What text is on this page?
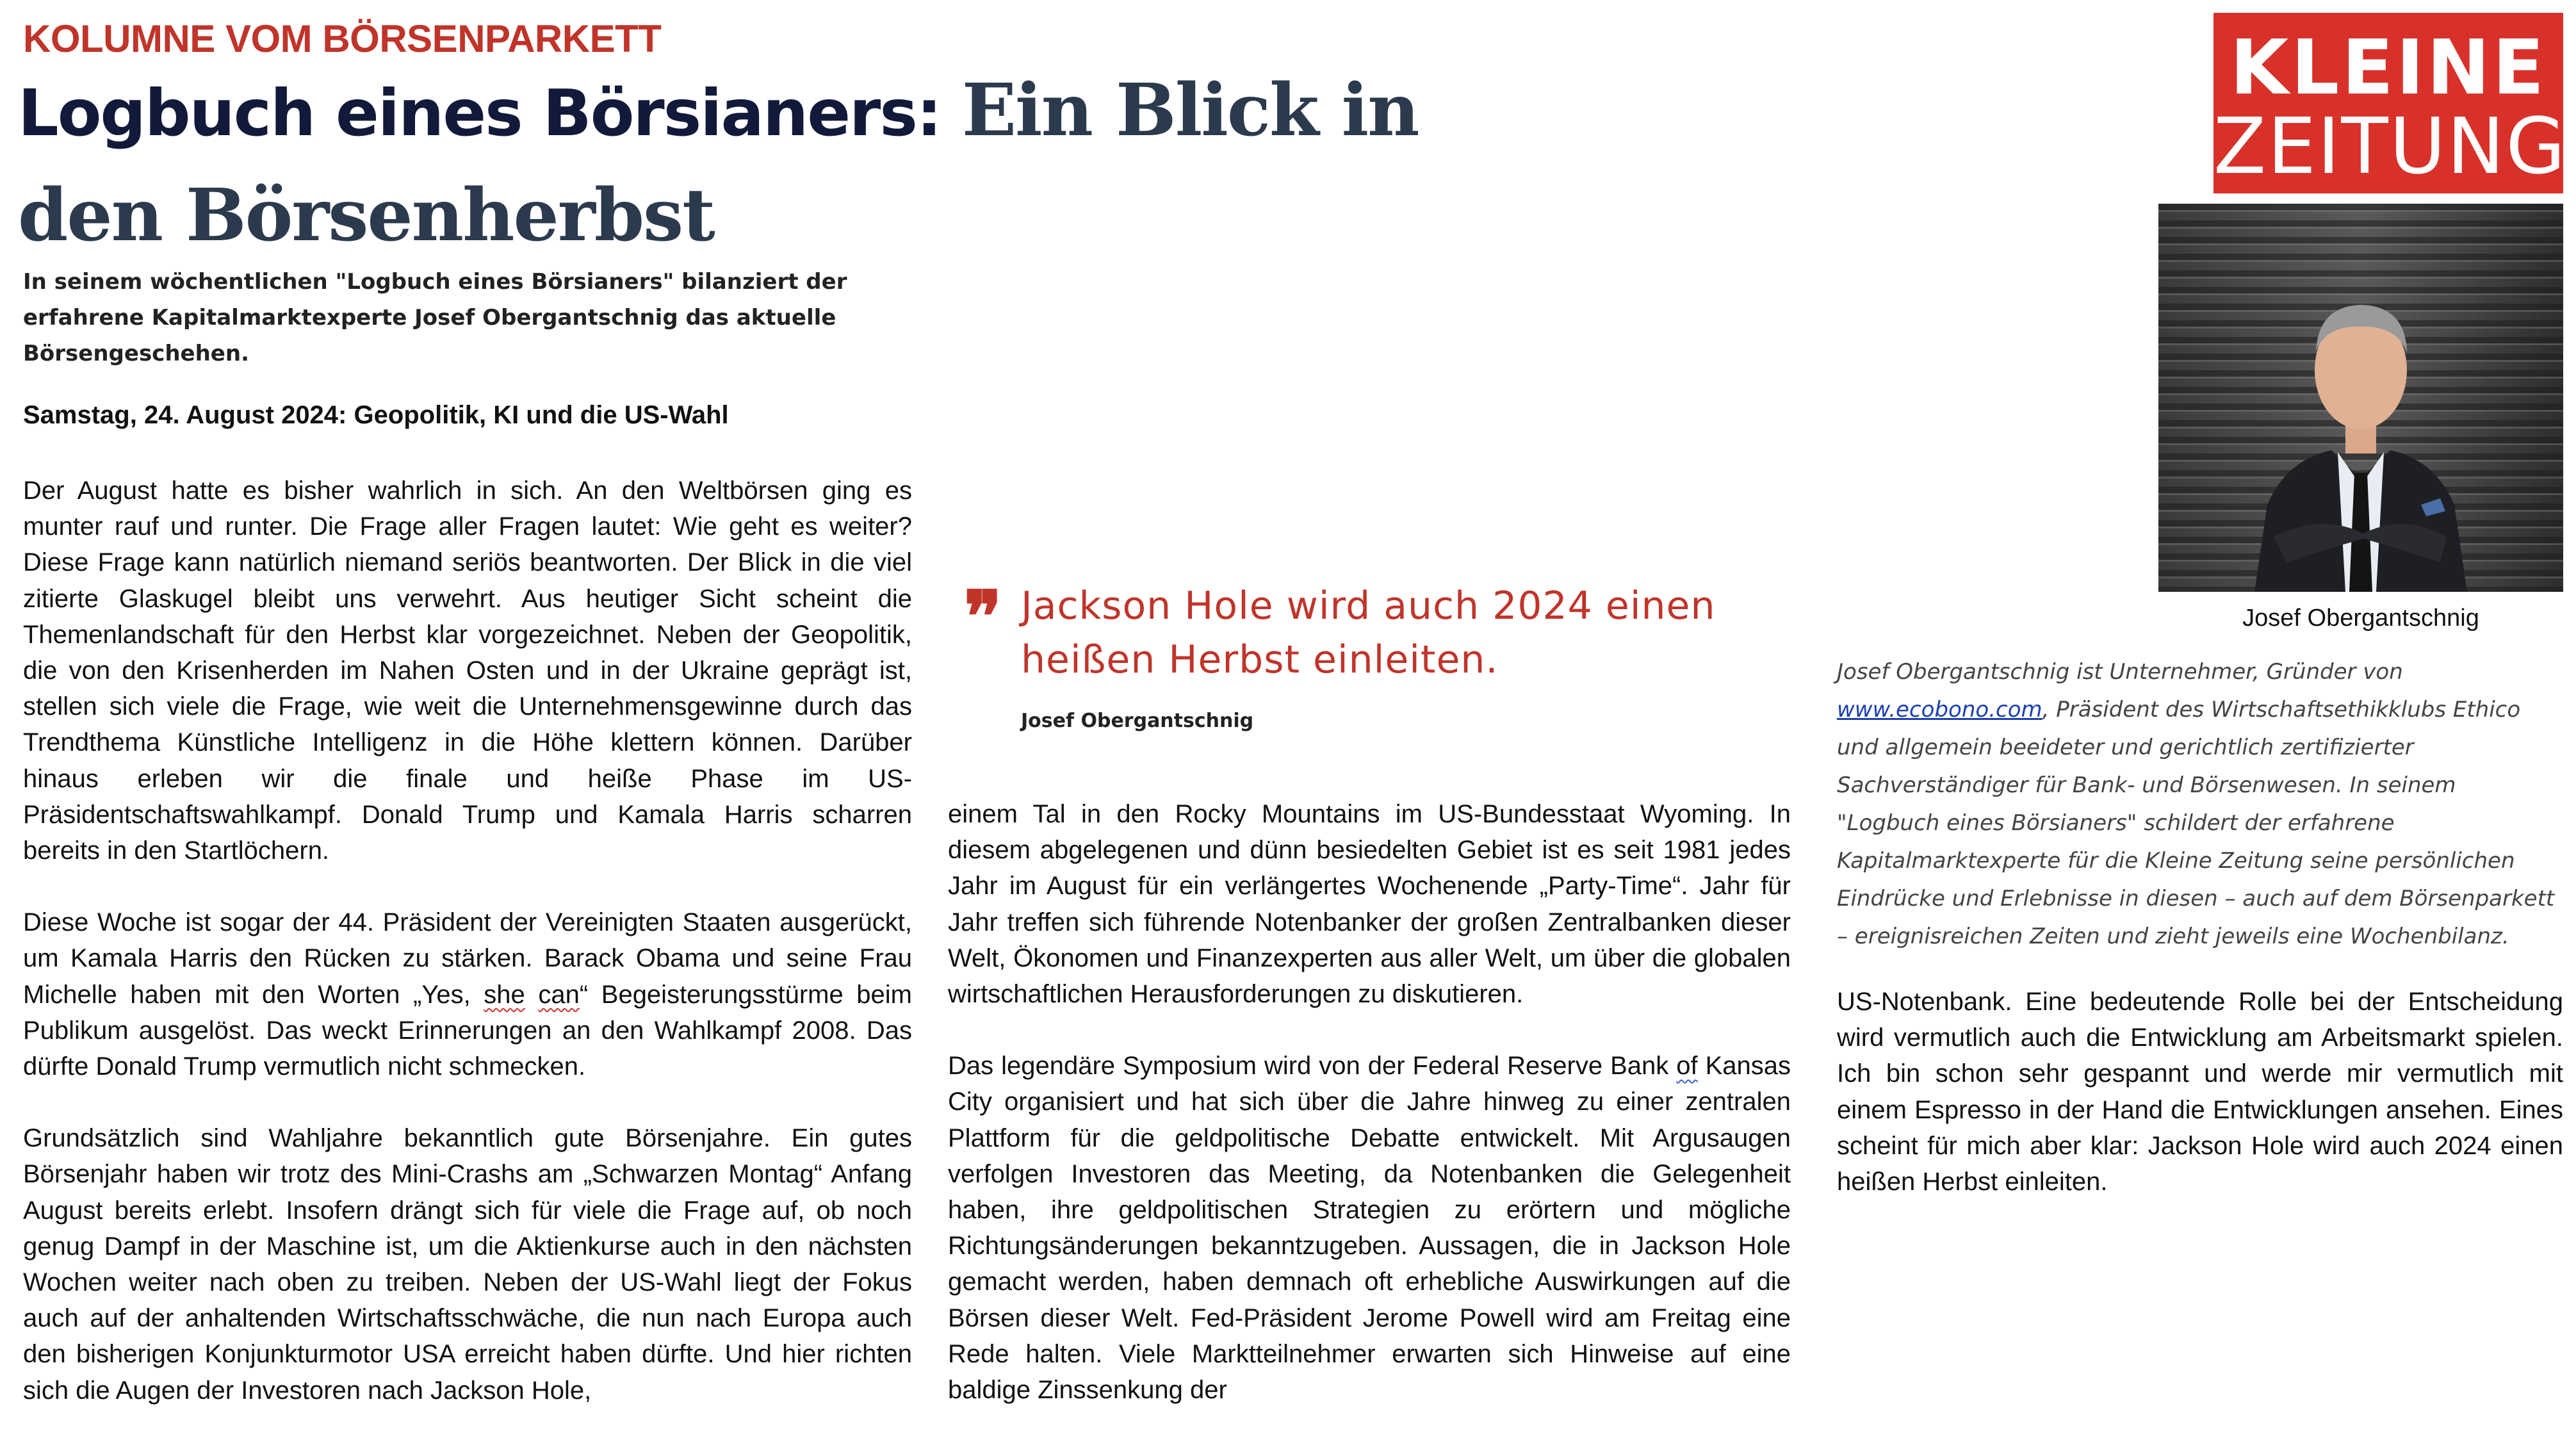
KOLUMNE VOM BÖRSENPARKETT
Logbuch eines Börsianers: Ein Blick in den Börsenherbst
In seinem wöchentlichen "Logbuch eines Börsianers" bilanziert der erfahrene Kapitalmarktexperte Josef Obergantschnig das aktuelle Börsengeschehen.
KLEINE
ZEITUNG
Josef Obergantschnig
Josef Obergantschnig ist Unternehmer, Gründer von www.ecobono.com, Präsident des Wirtschaftsethikklubs Ethico und allgemein beeideter und gerichtlich zertifizierter Sachverständiger für Bank- und Börsenwesen. In seinem "Logbuch eines Börsianers" schildert der erfahrene Kapitalmarktexperte für die Kleine Zeitung seine persönlichen Eindrücke und Erlebnisse in diesen – auch auf dem Börsenparkett – ereignisreichen Zeiten und zieht jeweils eine Wochenbilanz.
Samstag, 24. August 2024: Geopolitik, KI und die US-Wahl

Der August hatte es bisher wahrlich in sich. An den Weltbörsen ging es munter rauf und runter. Die Frage aller Fragen lautet: Wie geht es weiter? Diese Frage kann natürlich niemand seriös beantworten. Der Blick in die viel zitierte Glaskugel bleibt uns verwehrt. Aus heutiger Sicht scheint die Themenlandschaft für den Herbst klar vorgezeichnet. Neben der Geopolitik, die von den Krisenherden im Nahen Osten und in der Ukraine geprägt ist, stellen sich viele die Frage, wie weit die Unternehmensgewinne durch das Trendthema Künstliche Intelligenz in die Höhe klettern können. Darüber hinaus erleben wir die finale und heiße Phase im US-Präsidentschaftswahlkampf. Donald Trump und Kamala Harris scharren bereits in den Startlöchern.

Diese Woche ist sogar der 44. Präsident der Vereinigten Staaten ausgerückt, um Kamala Harris den Rücken zu stärken. Barack Obama und seine Frau Michelle haben mit den Worten „Yes, she can“ Begeisterungsstürme beim Publikum ausgelöst. Das weckt Erinnerungen an den Wahlkampf 2008. Das dürfte Donald Trump vermutlich nicht schmecken.

Grundsätzlich sind Wahljahre bekanntlich gute Börsenjahre. Ein gutes Börsenjahr haben wir trotz des Mini-Crashs am „Schwarzen Montag“ Anfang August bereits erlebt. Insofern drängt sich für viele die Frage auf, ob noch genug Dampf in der Maschine ist, um die Aktienkurse auch in den nächsten Wochen weiter nach oben zu treiben. Neben der US-Wahl liegt der Fokus auch auf der anhaltenden Wirtschaftsschwäche, die nun nach Europa auch den bisherigen Konjunkturmotor USA erreicht haben dürfte. Und hier richten sich die Augen der Investoren nach Jackson Hole,

❞ Jackson Hole wird auch 2024 einen heißen Herbst einleiten.
Josef Obergantschnig

einem Tal in den Rocky Mountains im US-Bundesstaat Wyoming. In diesem abgelegenen und dünn besiedelten Gebiet ist es seit 1981 jedes Jahr im August für ein verlängertes Wochenende „Party-Time“. Jahr für Jahr treffen sich führende Notenbanker der großen Zentralbanken dieser Welt, Ökonomen und Finanzexperten aus aller Welt, um über die globalen wirtschaftlichen Herausforderungen zu diskutieren.

Das legendäre Symposium wird von der Federal Reserve Bank of Kansas City organisiert und hat sich über die Jahre hinweg zu einer zentralen Plattform für die geldpolitische Debatte entwickelt. Mit Argusaugen verfolgen Investoren das Meeting, da Notenbanken die Gelegenheit haben, ihre geldpolitischen Strategien zu erörtern und mögliche Richtungsänderungen bekanntzugeben. Aussagen, die in Jackson Hole gemacht werden, haben demnach oft erhebliche Auswirkungen auf die Börsen dieser Welt. Fed-Präsident Jerome Powell wird am Freitag eine Rede halten. Viele Marktteilnehmer erwarten sich Hinweise auf eine baldige Zinssenkung der

US-Notenbank. Eine bedeutende Rolle bei der Entscheidung wird vermutlich auch die Entwicklung am Arbeitsmarkt spielen. Ich bin schon sehr gespannt und werde mir vermutlich mit einem Espresso in der Hand die Entwicklungen ansehen. Eines scheint für mich aber klar: Jackson Hole wird auch 2024 einen heißen Herbst einleiten.
